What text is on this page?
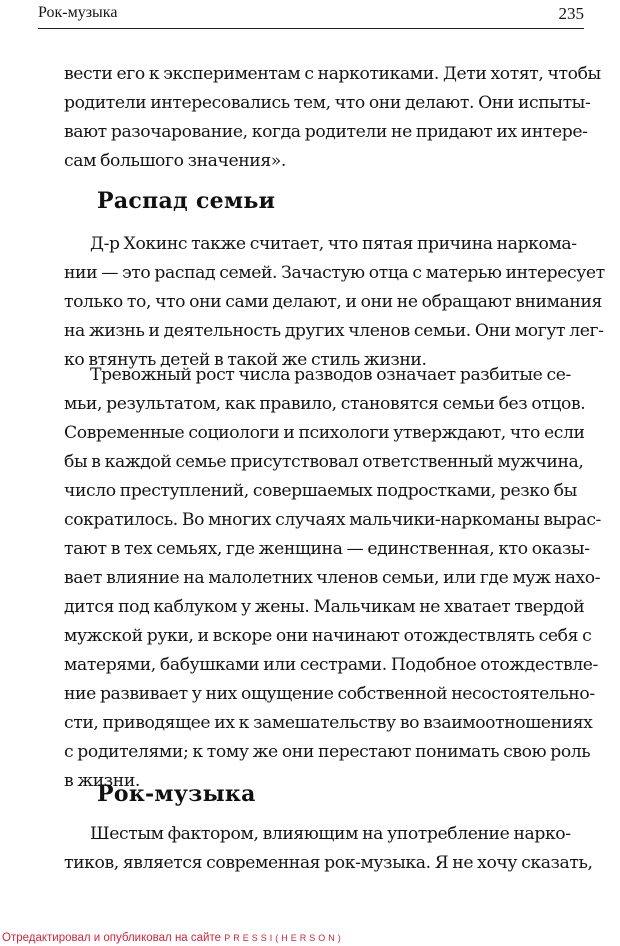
Рок-музыка	235
вести его к экспериментам с наркотиками. Дети хотят, чтобы
родители интересовались тем, что они делают. Они испыты-
вают разочарование, когда родители не придают их интере-
сам большого значения».
Распад семьи
Д-р Хокинс также считает, что пятая причина наркома-
нии — это распад семей. Зачастую отца с матерью интересует
только то, что они сами делают, и они не обращают внимания
на жизнь и деятельность других членов семьи. Они могут лег-
ко втянуть детей в такой же стиль жизни.
Тревожный рост числа разводов означает разбитые се-
мьи, результатом, как правило, становятся семьи без отцов.
Современные социологи и психологи утверждают, что если
бы в каждой семье присутствовал ответственный мужчина,
число преступлений, совершаемых подростками, резко бы
сократилось. Во многих случаях мальчики-наркоманы вырас-
тают в тех семьях, где женщина — единственная, кто оказы-
вает влияние на малолетних членов семьи, или где муж нахо-
дится под каблуком у жены. Мальчикам не хватает твердой
мужской руки, и вскоре они начинают отождествлять себя с
матерями, бабушками или сестрами. Подобное отождествле-
ние развивает у них ощущение собственной несостоятельно-
сти, приводящее их к замешательству во взаимоотношениях
с родителями; к тому же они перестают понимать свою роль
в жизни.
Рок-музыка
Шестым фактором, влияющим на употребление нарко-
тиков, является современная рок-музыка. Я не хочу сказать,
Отредактировал и опубликовал на сайте PRESSI(HERSON)
